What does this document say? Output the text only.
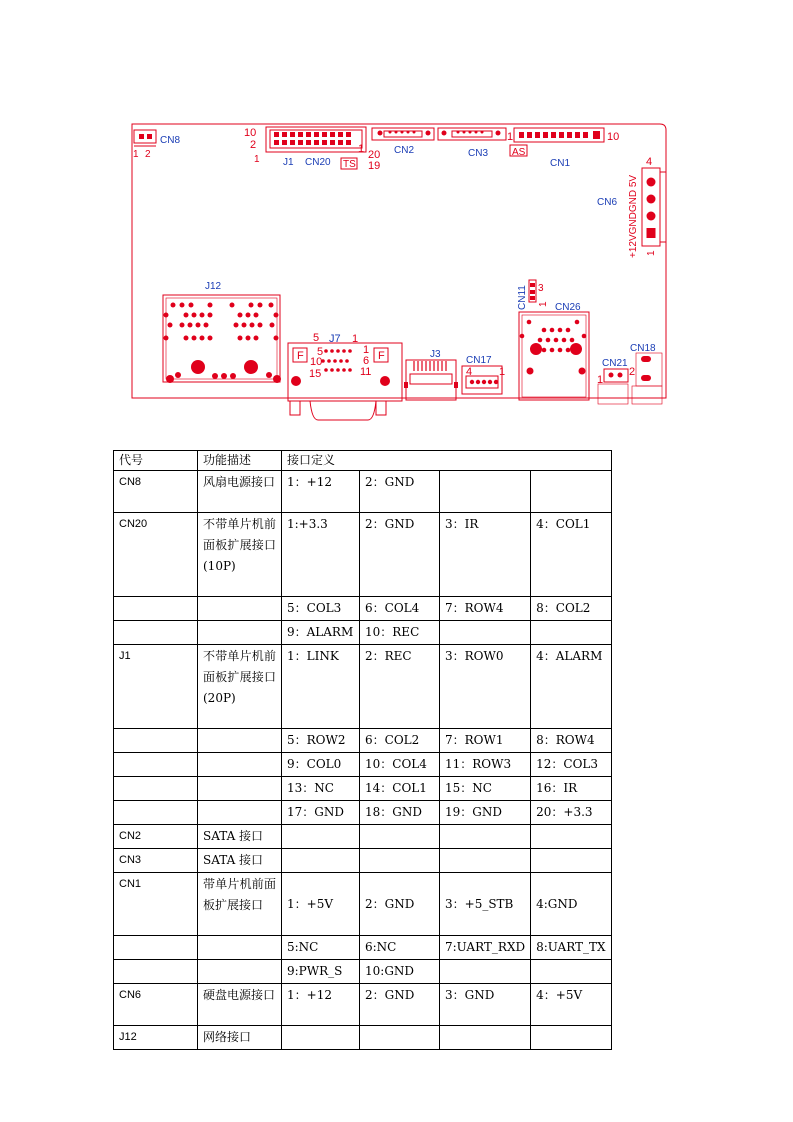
CN8
1 2
10
2
1 J1 CN20 TS
1 20
19
CN2	CN3
1
AS
CN1
10
CN6 +12VGNDGND 5V
4
1
J12
F	F
5 J7 1
5	1
10	6
15	11
J3
CN17
4 1
CN11 3
1 CN26
CN21
1
2
CN18
代号	功能描述	接口定义			
CN8	风扇电源接口	1：+12	2：GND		
CN20	不带单片机前面板扩展接口(10P)	1:+3.3	2：GND	3：IR	4：COL1
		5：COL3	6：COL4	7：ROW4	8：COL2
		9：ALARM	10：REC		
J1	不带单片机前面板扩展接口(20P)	1：LINK	2：REC	3：ROW0	4：ALARM
		5：ROW2	6：COL2	7：ROW1	8：ROW4
		9：COL0	10：COL4	11：ROW3	12：COL3
		13：NC	14：COL1	15：NC	16：IR
		17：GND	18：GND	19：GND	20：+3.3
CN2	SATA 接口				
CN3	SATA 接口				
CN1	带单片机前面板扩展接口	1：+5V	2：GND	3：+5_STB	4:GND
		5:NC	6:NC	7:UART_RXD	8:UART_TX
		9:PWR_S	10:GND		
CN6	硬盘电源接口	1：+12	2：GND	3：GND	4：+5V
J12	网络接口				
